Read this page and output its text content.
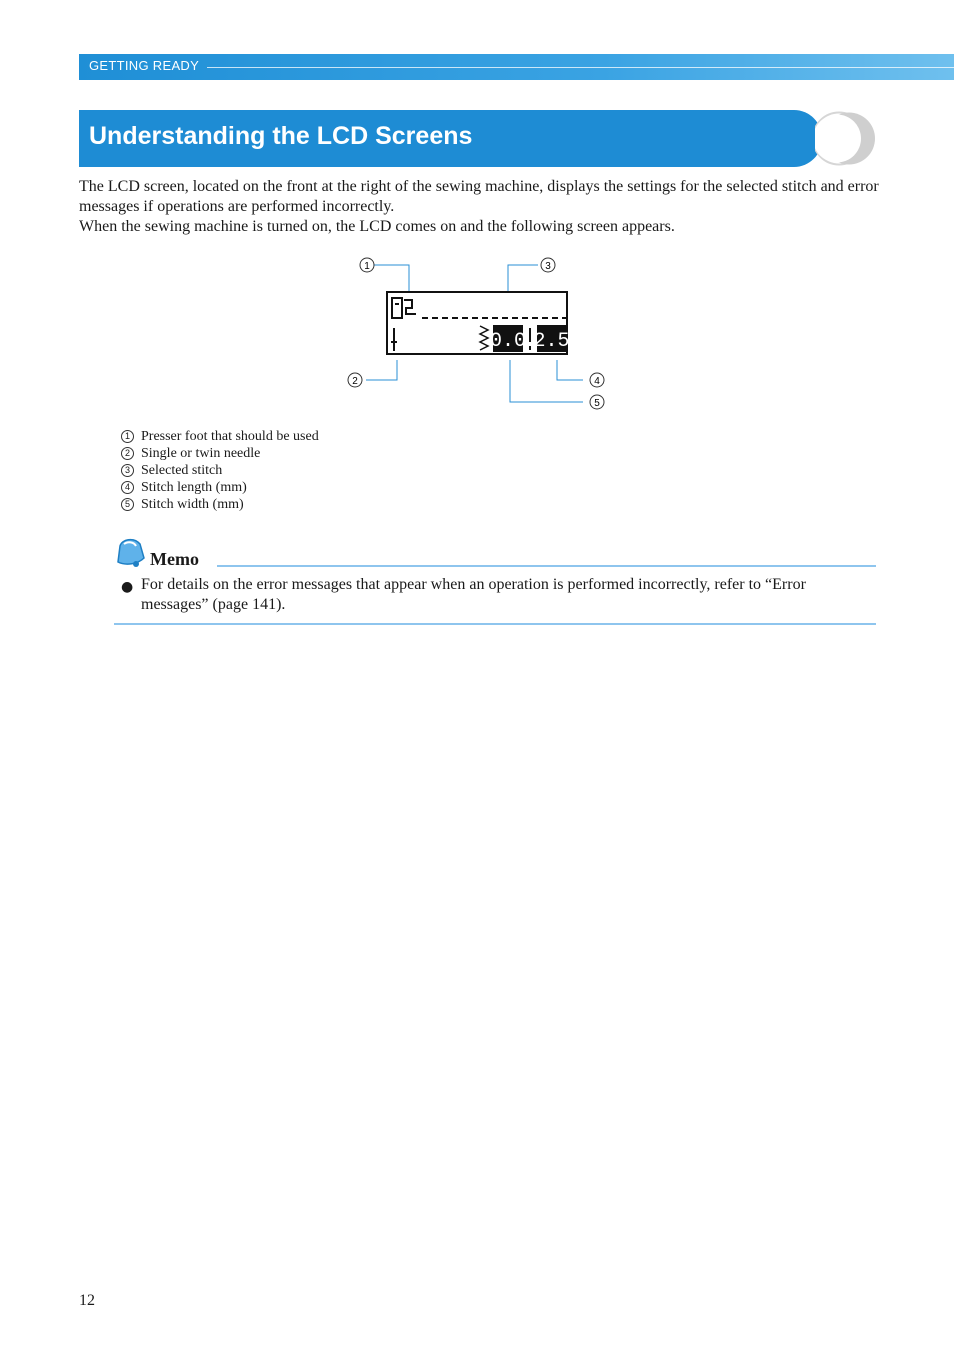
GETTING READY
Understanding the LCD Screens

The LCD screen, located on the front at the right of the sewing machine, displays the settings for the selected stitch and error messages if operations are performed incorrectly.

When the sewing machine is turned on, the LCD comes on and the following screen appears.

1	3
2	4
5
0.0 2.5
1 Presser foot that should be used
2 Single or twin needle
3 Selected stitch
4 Stitch length (mm)
5 Stitch width (mm)
Memo
● For details on the error messages that appear when an operation is performed incorrectly, refer to “Error messages” (page 141).
12
